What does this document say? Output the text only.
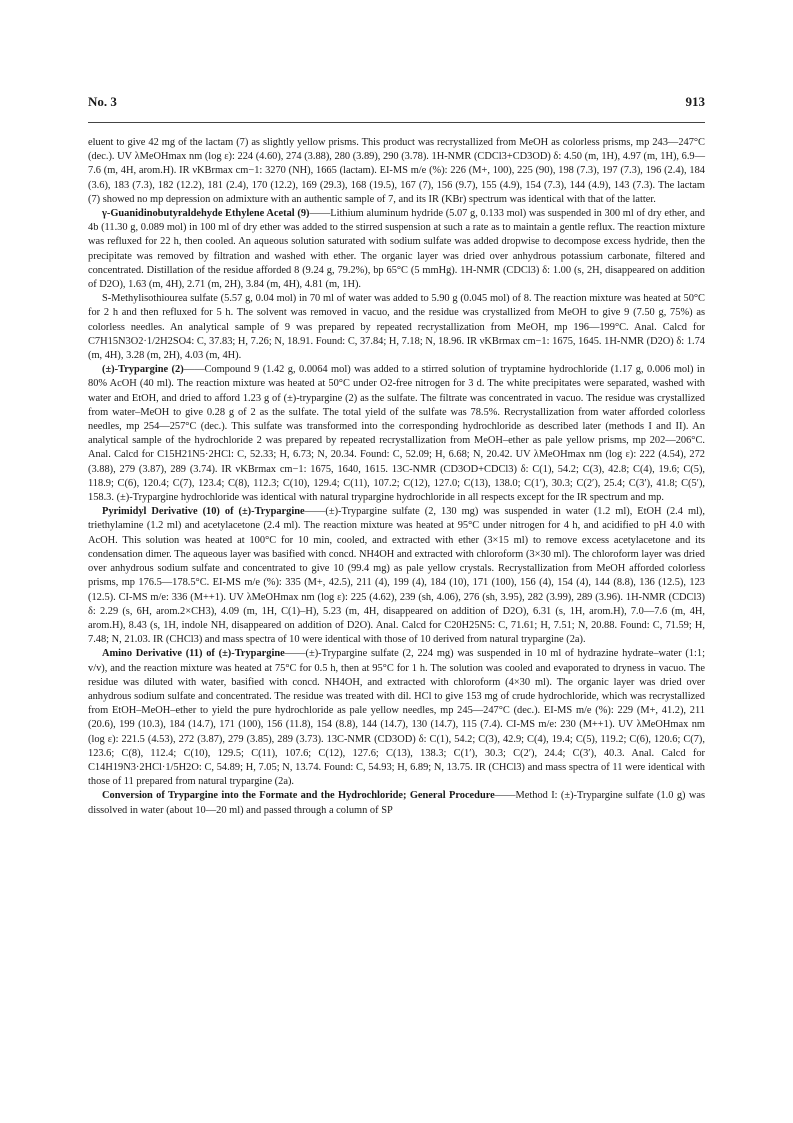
No. 3	913

eluent to give 42 mg of the lactam (7) as slightly yellow prisms. This product was recrystallized from MeOH as colorless prisms, mp 243—247°C (dec.). UV λMeOHmax nm (log ε): 224 (4.60), 274 (3.88), 280 (3.89), 290 (3.78). 1H-NMR (CDCl3+CD3OD) δ: 4.50 (m, 1H), 4.97 (m, 1H), 6.9—7.6 (m, 4H, arom.H). IR νKBrmax cm−1: 3270 (NH), 1665 (lactam). EI-MS m/e (%): 226 (M+, 100), 225 (90), 198 (7.3), 197 (7.3), 196 (2.4), 184 (3.6), 183 (7.3), 182 (12.2), 181 (2.4), 170 (12.2), 169 (29.3), 168 (19.5), 167 (7), 156 (9.7), 155 (4.9), 154 (7.3), 144 (4.9), 143 (7.3). The lactam (7) showed no mp depression on admixture with an authentic sample of 7, and its IR (KBr) spectrum was identical with that of the latter.

γ-Guanidinobutyraldehyde Ethylene Acetal (9)——Lithium aluminum hydride (5.07 g, 0.133 mol) was suspended in 300 ml of dry ether, and 4b (11.30 g, 0.089 mol) in 100 ml of dry ether was added to the stirred suspension at such a rate as to maintain a gentle reflux. The reaction mixture was refluxed for 22 h, then cooled. An aqueous solution saturated with sodium sulfate was added dropwise to decompose excess hydride, then the precipitate was removed by filtration and washed with ether. The organic layer was dried over anhydrous potassium carbonate, filtered and concentrated. Distillation of the residue afforded 8 (9.24 g, 79.2%), bp 65°C (5 mmHg). 1H-NMR (CDCl3) δ: 1.00 (s, 2H, disappeared on addition of D2O), 1.63 (m, 4H), 2.71 (m, 2H), 3.84 (m, 4H), 4.81 (m, 1H).

S-Methylisothiourea sulfate (5.57 g, 0.04 mol) in 70 ml of water was added to 5.90 g (0.045 mol) of 8. The reaction mixture was heated at 50°C for 2 h and then refluxed for 5 h. The solvent was removed in vacuo, and the residue was crystallized from MeOH to give 9 (7.50 g, 75%) as colorless needles. An analytical sample of 9 was prepared by repeated recrystallization from MeOH, mp 196—199°C. Anal. Calcd for C7H15N3O2·1/2H2SO4: C, 37.83; H, 7.26; N, 18.91. Found: C, 37.84; H, 7.18; N, 18.96. IR νKBrmax cm−1: 1675, 1645. 1H-NMR (D2O) δ: 1.74 (m, 4H), 3.28 (m, 2H), 4.03 (m, 4H).

(±)-Trypargine (2)——Compound 9 (1.42 g, 0.0064 mol) was added to a stirred solution of tryptamine hydrochloride (1.17 g, 0.006 mol) in 80% AcOH (40 ml). The reaction mixture was heated at 50°C under O2-free nitrogen for 3 d. The white precipitates were separated, washed with water and EtOH, and dried to afford 1.23 g of (±)-trypargine (2) as the sulfate. The filtrate was concentrated in vacuo. The residue was crystallized from water–MeOH to give 0.28 g of 2 as the sulfate. The total yield of the sulfate was 78.5%. Recrystallization from water afforded colorless needles, mp 254—257°C (dec.). This sulfate was transformed into the corresponding hydrochloride as described later (methods I and II). An analytical sample of the hydrochloride 2 was prepared by repeated recrystallization from MeOH–ether as pale yellow prisms, mp 202—206°C. Anal. Calcd for C15H21N5·2HCl: C, 52.33; H, 6.73; N, 20.34. Found: C, 52.09; H, 6.68; N, 20.42. UV λMeOHmax nm (log ε): 222 (4.54), 272 (3.88), 279 (3.87), 289 (3.74). IR νKBrmax cm−1: 1675, 1640, 1615. 13C-NMR (CD3OD+CDCl3) δ: C(1), 54.2; C(3), 42.8; C(4), 19.6; C(5), 118.9; C(6), 120.4; C(7), 123.4; C(8), 112.3; C(10), 129.4; C(11), 107.2; C(12), 127.0; C(13), 138.0; C(1′), 30.3; C(2′), 25.4; C(3′), 41.8; C(5′), 158.3. (±)-Trypargine hydrochloride was identical with natural trypargine hydrochloride in all respects except for the IR spectrum and mp.

Pyrimidyl Derivative (10) of (±)-Trypargine——(±)-Trypargine sulfate (2, 130 mg) was suspended in water (1.2 ml), EtOH (2.4 ml), triethylamine (1.2 ml) and acetylacetone (2.4 ml). The reaction mixture was heated at 95°C under nitrogen for 4 h, and acidified to pH 4.0 with AcOH. This solution was heated at 100°C for 10 min, cooled, and extracted with ether (3×15 ml) to remove excess acetylacetone and its condensation dimer. The aqueous layer was basified with concd. NH4OH and extracted with chloroform (3×30 ml). The chloroform layer was dried over anhydrous sodium sulfate and concentrated to give 10 (99.4 mg) as pale yellow crystals. Recrystallization from MeOH afforded colorless prisms, mp 176.5—178.5°C. EI-MS m/e (%): 335 (M+, 42.5), 211 (4), 199 (4), 184 (10), 171 (100), 156 (4), 154 (4), 144 (8.8), 136 (12.5), 123 (12.5). CI-MS m/e: 336 (M++1). UV λMeOHmax nm (log ε): 225 (4.62), 239 (sh, 4.06), 276 (sh, 3.95), 282 (3.99), 289 (3.96). 1H-NMR (CDCl3) δ: 2.29 (s, 6H, arom.2×CH3), 4.09 (m, 1H, C(1)–H), 5.23 (m, 4H, disappeared on addition of D2O), 6.31 (s, 1H, arom.H), 7.0—7.6 (m, 4H, arom.H), 8.43 (s, 1H, indole NH, disappeared on addition of D2O). Anal. Calcd for C20H25N5: C, 71.61; H, 7.51; N, 20.88. Found: C, 71.59; H, 7.48; N, 21.03. IR (CHCl3) and mass spectra of 10 were identical with those of 10 derived from natural trypargine (2a).

Amino Derivative (11) of (±)-Trypargine——(±)-Trypargine sulfate (2, 224 mg) was suspended in 10 ml of hydrazine hydrate–water (1:1; v/v), and the reaction mixture was heated at 75°C for 0.5 h, then at 95°C for 1 h. The solution was cooled and evaporated to dryness in vacuo. The residue was diluted with water, basified with concd. NH4OH, and extracted with chloroform (4×30 ml). The organic layer was dried over anhydrous sodium sulfate and concentrated. The residue was treated with dil. HCl to give 153 mg of crude hydrochloride, which was recrystallized from EtOH–MeOH–ether to yield the pure hydrochloride as pale yellow needles, mp 245—247°C (dec.). EI-MS m/e (%): 229 (M+, 41.2), 211 (20.6), 199 (10.3), 184 (14.7), 171 (100), 156 (11.8), 154 (8.8), 144 (14.7), 130 (14.7), 115 (7.4). CI-MS m/e: 230 (M++1). UV λMeOHmax nm (log ε): 221.5 (4.53), 272 (3.87), 279 (3.85), 289 (3.73). 13C-NMR (CD3OD) δ: C(1), 54.2; C(3), 42.9; C(4), 19.4; C(5), 119.2; C(6), 120.6; C(7), 123.6; C(8), 112.4; C(10), 129.5; C(11), 107.6; C(12), 127.6; C(13), 138.3; C(1′), 30.3; C(2′), 24.4; C(3′), 40.3. Anal. Calcd for C14H19N3·2HCl·1/5H2O: C, 54.89; H, 7.05; N, 13.74. Found: C, 54.93; H, 6.89; N, 13.75. IR (CHCl3) and mass spectra of 11 were identical with those of 11 prepared from natural trypargine (2a).

Conversion of Trypargine into the Formate and the Hydrochloride; General Procedure——Method I: (±)-Trypargine sulfate (1.0 g) was dissolved in water (about 10—20 ml) and passed through a column of SP
